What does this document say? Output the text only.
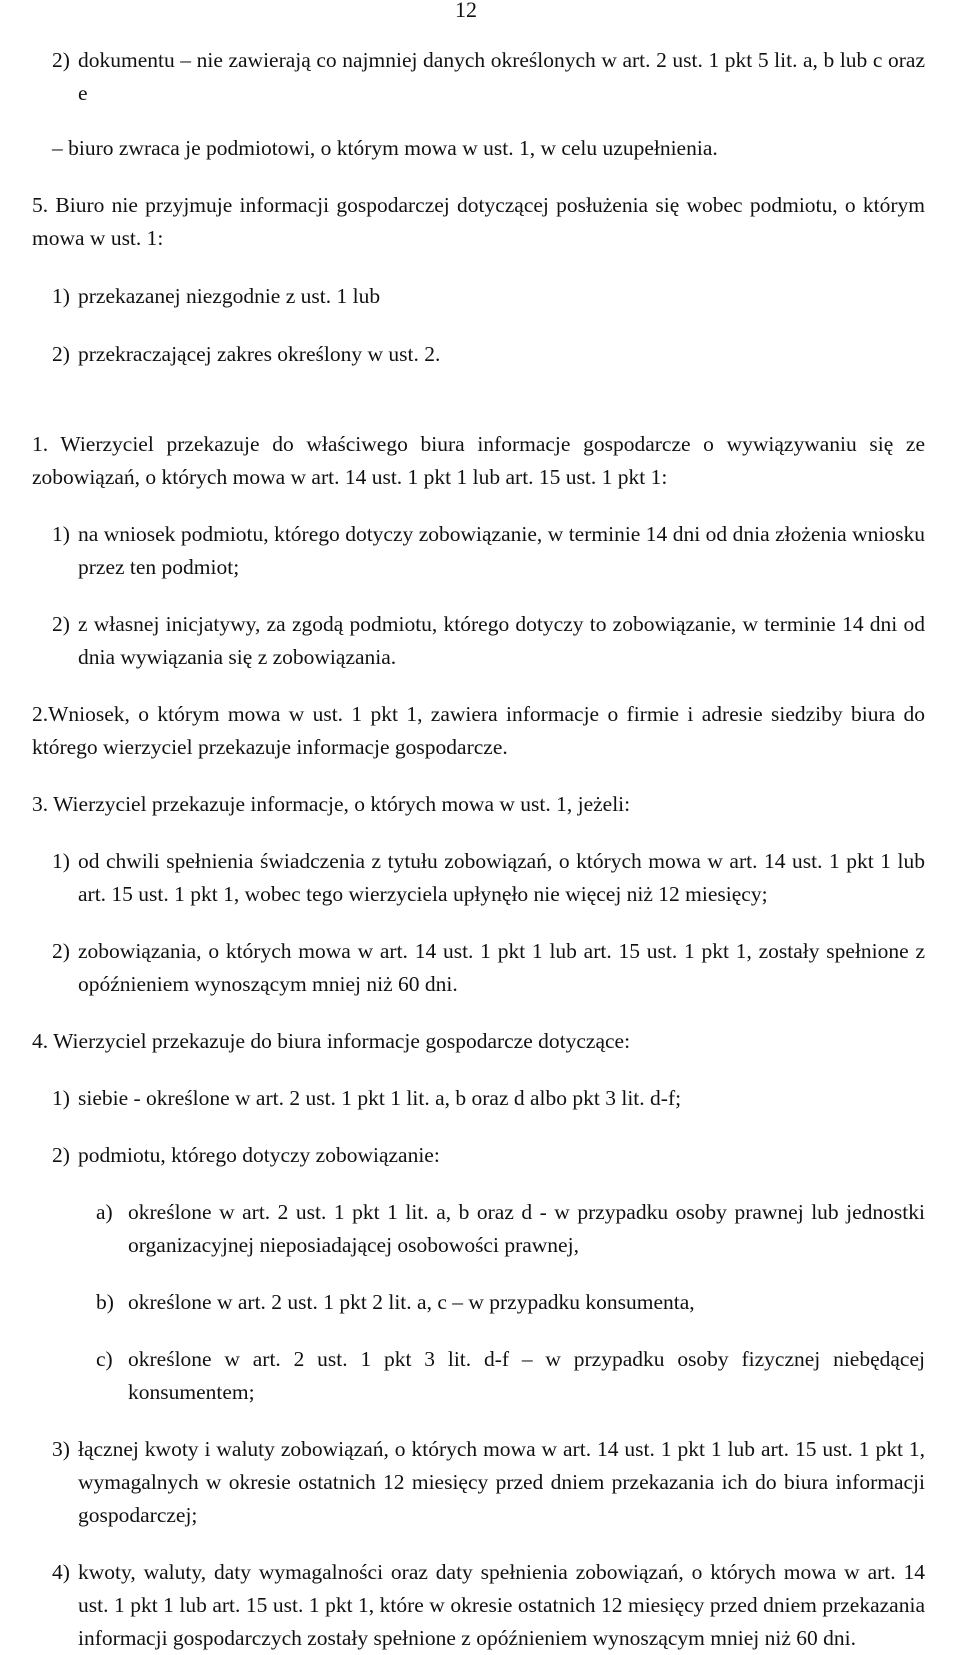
12
2) dokumentu – nie zawierają co najmniej danych określonych w art. 2 ust. 1 pkt 5 lit. a, b lub c oraz e
– biuro zwraca je podmiotowi, o którym mowa w ust. 1, w celu uzupełnienia.
5. Biuro nie przyjmuje informacji gospodarczej dotyczącej posłużenia się wobec podmiotu, o którym mowa w ust. 1:
1) przekazanej niezgodnie z ust. 1 lub
2) przekraczającej zakres określony w ust. 2.
1. Wierzyciel przekazuje do właściwego biura informacje gospodarcze o wywiązywaniu się ze zobowiązań, o których mowa w art. 14 ust. 1 pkt 1 lub art. 15 ust. 1 pkt 1:
1) na wniosek podmiotu, którego dotyczy zobowiązanie, w terminie 14 dni od dnia złożenia wniosku przez ten podmiot;
2) z własnej inicjatywy, za zgodą podmiotu, którego dotyczy to zobowiązanie, w terminie 14 dni od dnia wywiązania się z zobowiązania.
2.Wniosek, o którym mowa w ust. 1 pkt 1, zawiera informacje o firmie i adresie siedziby biura do którego wierzyciel przekazuje informacje gospodarcze.
3. Wierzyciel przekazuje informacje, o których mowa w ust. 1, jeżeli:
1) od chwili spełnienia świadczenia z tytułu zobowiązań, o których mowa w art. 14 ust. 1 pkt 1 lub art. 15 ust. 1 pkt 1, wobec tego wierzyciela upłynęło nie więcej niż 12 miesięcy;
2) zobowiązania, o których mowa w art. 14 ust. 1 pkt 1 lub art. 15 ust. 1 pkt 1, zostały spełnione z opóźnieniem wynoszącym mniej niż 60 dni.
4. Wierzyciel przekazuje do biura informacje gospodarcze dotyczące:
1) siebie - określone w art. 2 ust. 1 pkt 1 lit. a, b oraz d albo pkt 3 lit. d-f;
2) podmiotu, którego dotyczy zobowiązanie:
a) określone w art. 2 ust. 1 pkt 1 lit. a, b oraz d - w przypadku osoby prawnej lub jednostki organizacyjnej nieposiadającej osobowości prawnej,
b) określone w art. 2 ust. 1 pkt 2 lit. a, c – w przypadku konsumenta,
c) określone w art. 2 ust. 1 pkt 3 lit. d-f – w przypadku osoby fizycznej niebędącej konsumentem;
3) łącznej kwoty i waluty zobowiązań, o których mowa w art. 14 ust. 1 pkt 1 lub art. 15 ust. 1 pkt 1, wymagalnych w okresie ostatnich 12 miesięcy przed dniem przekazania ich do biura informacji gospodarczej;
4) kwoty, waluty, daty wymagalności oraz daty spełnienia zobowiązań, o których mowa w art. 14 ust. 1 pkt 1 lub art. 15 ust. 1 pkt 1, które w okresie ostatnich 12 miesięcy przed dniem przekazania informacji gospodarczych zostały spełnione z opóźnieniem wynoszącym mniej niż 60 dni.
